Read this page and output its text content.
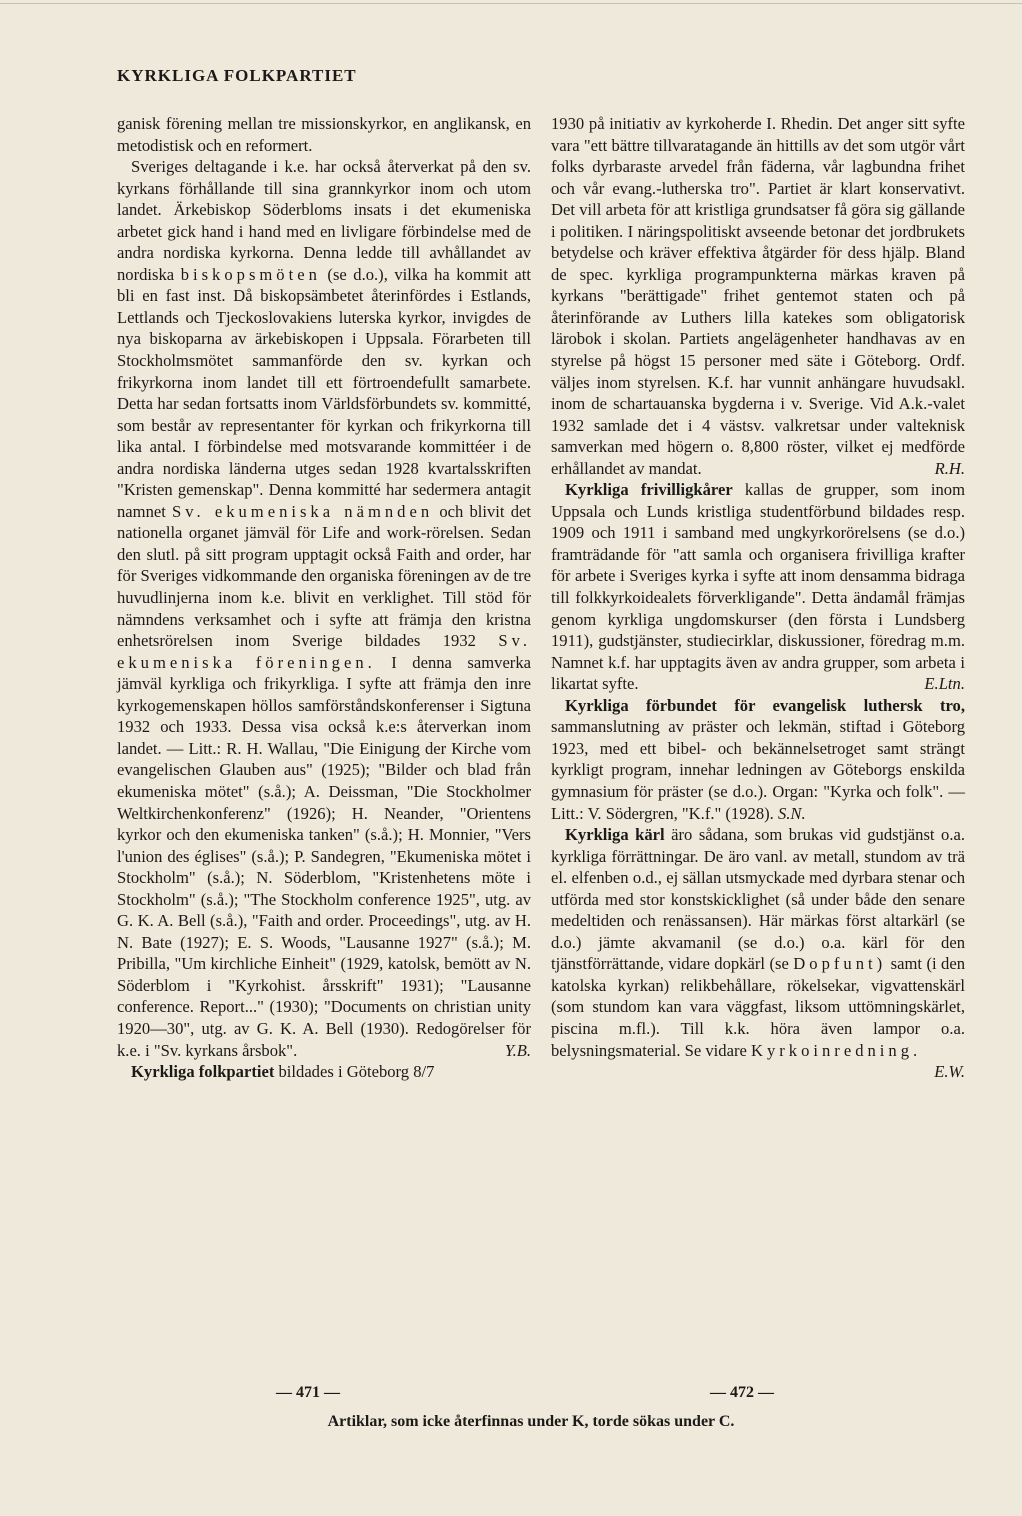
KYRKLIGA FOLKPARTIET

ganisk förening mellan tre missionskyrkor, en anglikansk, en metodistisk och en reformert.

Sveriges deltagande i k.e. har också återverkat på den sv. kyrkans förhållande till sina grannkyrkor inom och utom landet. Ärkebiskop Söderbloms insats i det ekumeniska arbetet gick hand i hand med en livligare förbindelse med de andra nordiska kyrkorna. Denna ledde till avhållandet av nordiska biskopsmöten (se d.o.), vilka ha kommit att bli en fast inst. Då biskopsämbetet återinfördes i Estlands, Lettlands och Tjeckoslovakiens luterska kyrkor, invigdes de nya biskoparna av ärkebiskopen i Uppsala. Förarbeten till Stockholmsmötet sammanförde den sv. kyrkan och frikyrkorna inom landet till ett förtroendefullt samarbete. Detta har sedan fortsatts inom Världsförbundets sv. kommitté, som består av representanter för kyrkan och frikyrkorna till lika antal. I förbindelse med motsvarande kommittéer i de andra nordiska länderna utges sedan 1928 kvartalsskriften "Kristen gemenskap". Denna kommitté har sedermera antagit namnet Sv. ekumeniska nämnden och blivit det nationella organet jämväl för Life and work-rörelsen. Sedan den slutl. på sitt program upptagit också Faith and order, har för Sveriges vidkommande den organiska föreningen av de tre huvudlinjerna inom k.e. blivit en verklighet. Till stöd för nämndens verksamhet och i syfte att främja den kristna enhetsrörelsen inom Sverige bildades 1932 Sv. ekumeniska föreningen. I denna samverka jämväl kyrkliga och frikyrkliga. I syfte att främja den inre kyrkogemenskapen höllos samförståndskonferenser i Sigtuna 1932 och 1933. Dessa visa också k.e:s återverkan inom landet. — Litt.: R. H. Wallau, "Die Einigung der Kirche vom evangelischen Glauben aus" (1925); "Bilder och blad från ekumeniska mötet" (s.å.); A. Deissman, "Die Stockholmer Weltkirchenkonferenz" (1926); H. Neander, "Orientens kyrkor och den ekumeniska tanken" (s.å.); H. Monnier, "Vers l'union des églises" (s.å.); P. Sandegren, "Ekumeniska mötet i Stockholm" (s.å.); N. Söderblom, "Kristenhetens möte i Stockholm" (s.å.); "The Stockholm conference 1925", utg. av G. K. A. Bell (s.å.), "Faith and order. Proceedings", utg. av H. N. Bate (1927); E. S. Woods, "Lausanne 1927" (s.å.); M. Pribilla, "Um kirchliche Einheit" (1929, katolsk, bemött av N. Söderblom i "Kyrkohist. årsskrift" 1931); "Lausanne conference. Report..." (1930); "Documents on christian unity 1920—30", utg. av G. K. A. Bell (1930). Redogörelser för k.e. i "Sv. kyrkans årsbok".	Y.B.

Kyrkliga folkpartiet bildades i Göteborg 8/7

1930 på initiativ av kyrkoherde I. Rhedin. Det anger sitt syfte vara "ett bättre tillvaratagande än hittills av det som utgör vårt folks dyrbaraste arvedel från fäderna, vår lagbundna frihet och vår evang.-lutherska tro". Partiet är klart konservativt. Det vill arbeta för att kristliga grundsatser få göra sig gällande i politiken. I näringspolitiskt avseende betonar det jordbrukets betydelse och kräver effektiva åtgärder för dess hjälp. Bland de spec. kyrkliga programpunkterna märkas kraven på kyrkans "berättigade" frihet gentemot staten och på återinförande av Luthers lilla katekes som obligatorisk lärobok i skolan. Partiets angelägenheter handhavas av en styrelse på högst 15 personer med säte i Göteborg. Ordf. väljes inom styrelsen. K.f. har vunnit anhängare huvudsakl. inom de schartauanska bygderna i v. Sverige. Vid A.k.-valet 1932 samlade det i 4 västsv. valkretsar under valteknisk samverkan med högern o. 8,800 röster, vilket ej medförde erhållandet av mandat.	R.H.

Kyrkliga frivilligkårer kallas de grupper, som inom Uppsala och Lunds kristliga studentförbund bildades resp. 1909 och 1911 i samband med ungkyrkorörelsens (se d.o.) framträdande för "att samla och organisera frivilliga krafter för arbete i Sveriges kyrka i syfte att inom densamma bidraga till folkkyrkoidealets förverkligande". Detta ändamål främjas genom kyrkliga ungdomskurser (den första i Lundsberg 1911), gudstjänster, studiecirklar, diskussioner, föredrag m.m. Namnet k.f. har upptagits även av andra grupper, som arbeta i likartat syfte.	E.Ltn.

Kyrkliga förbundet för evangelisk luthersk tro, sammanslutning av präster och lekmän, stiftad i Göteborg 1923, med ett bibel- och bekännelsetroget samt strängt kyrkligt program, innehar ledningen av Göteborgs enskilda gymnasium för präster (se d.o.). Organ: "Kyrka och folk". — Litt.: V. Södergren, "K.f." (1928). S.N.

Kyrkliga kärl äro sådana, som brukas vid gudstjänst o.a. kyrkliga förrättningar. De äro vanl. av metall, stundom av trä el. elfenben o.d., ej sällan utsmyckade med dyrbara stenar och utförda med stor konstskicklighet (så under både den senare medeltiden och renässansen). Här märkas först altarkärl (se d.o.) jämte akvamanil (se d.o.) o.a. kärl för den tjänstförrättande, vidare dopkärl (se Dopfunt) samt (i den katolska kyrkan) relikbehållare, rökelsekar, vigvattenskärl (som stundom kan vara väggfast, liksom uttömningskärlet, piscina m.fl.). Till k.k. höra även lampor o.a. belysningsmaterial. Se vidare Kyrkoinredning.
E.W.

— 471 —	— 472 —
Artiklar, som icke återfinnas under K, torde sökas under C.
